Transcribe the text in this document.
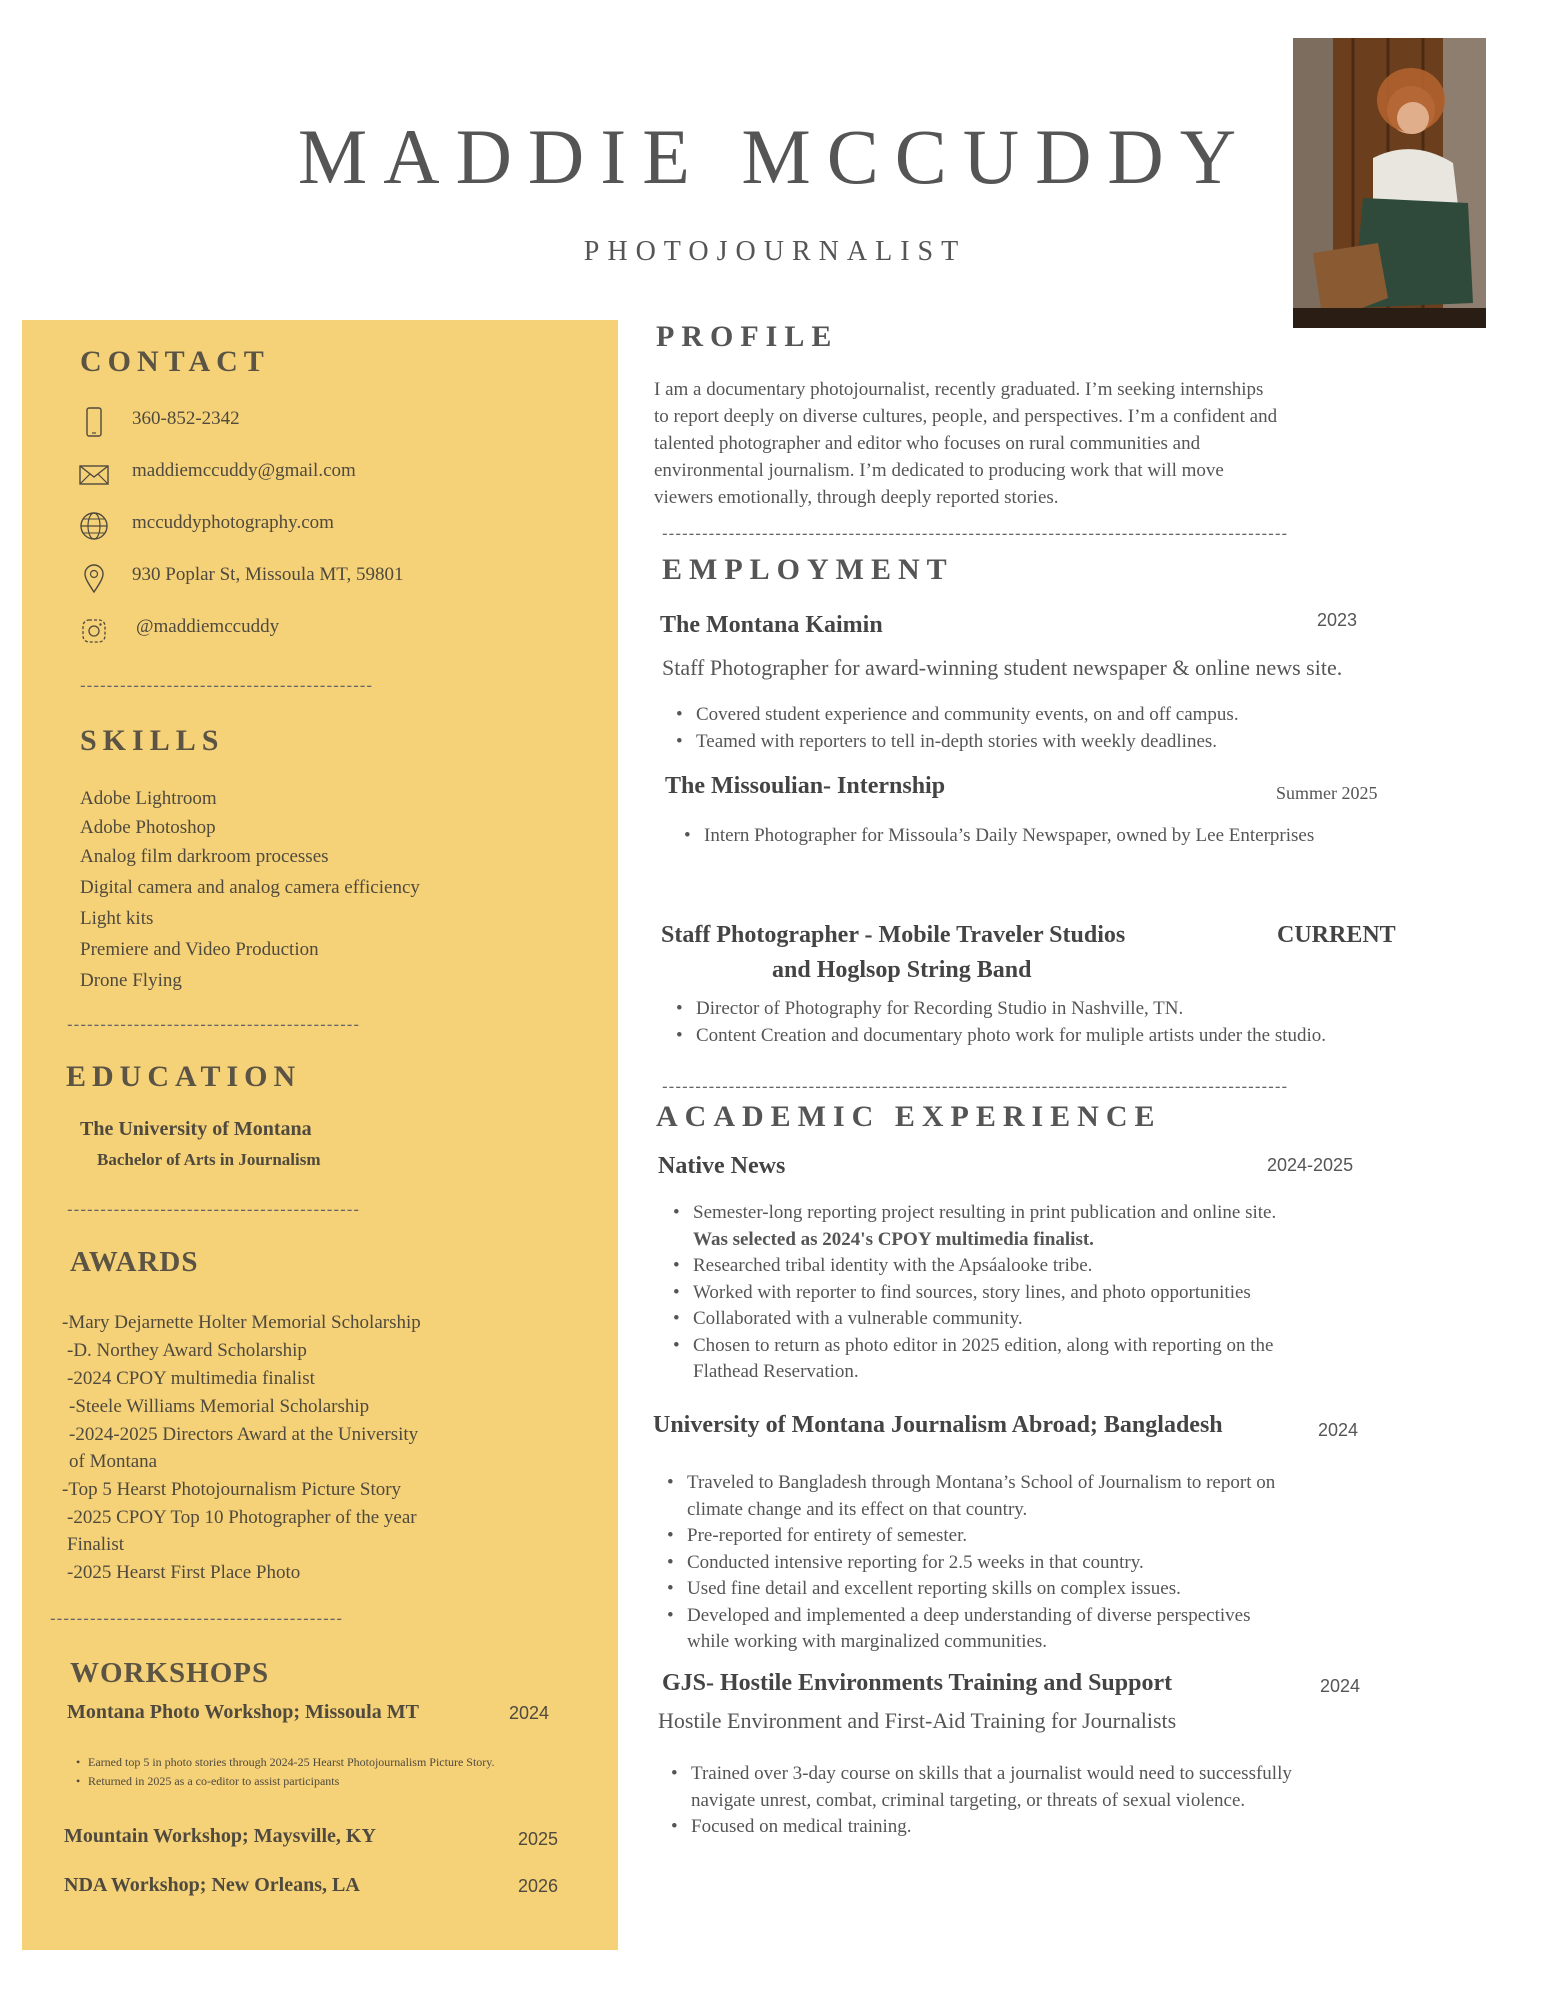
MADDIE MCCUDDY
PHOTOJOURNALIST
CONTACT
360-852-2342
maddiemccuddy@gmail.com
mccuddyphotography.com
930 Poplar St, Missoula MT, 59801
@maddiemccuddy
--------------------------------------------
SKILLS
Adobe Lightroom
Adobe Photoshop
Analog film darkroom processes
Digital camera and analog camera efficiency
Light kits
Premiere and Video Production
Drone Flying
--------------------------------------------
EDUCATION
The University of Montana
Bachelor of Arts in Journalism
--------------------------------------------
AWARDS
-Mary Dejarnette Holter Memorial Scholarship
-D. Northey Award Scholarship
-2024 CPOY multimedia finalist
-Steele Williams Memorial Scholarship
-2024-2025 Directors Award at the University
of Montana
-Top 5 Hearst Photojournalism Picture Story
-2025 CPOY Top 10 Photographer of the year
Finalist
-2025 Hearst First Place Photo
--------------------------------------------
WORKSHOPS
Montana Photo Workshop; Missoula MT	2024
• Earned top 5 in photo stories through 2024-25 Hearst Photojournalism Picture Story.
• Returned in 2025 as a co-editor to assist participants
Mountain Workshop; Maysville, KY	2025
NDA Workshop; New Orleans, LA	2026
PROFILE
I am a documentary photojournalist, recently graduated. I’m seeking internships
to report deeply on diverse cultures, people, and perspectives. I’m a confident and
talented photographer and editor who focuses on rural communities and
environmental journalism. I’m dedicated to producing work that will move
viewers emotionally, through deeply reported stories.
----------------------------------------------------------------------------------------------
EMPLOYMENT
The Montana Kaimin	2023
Staff Photographer for award-winning student newspaper & online news site.
• Covered student experience and community events, on and off campus.
• Teamed with reporters to tell in-depth stories with weekly deadlines.
The Missoulian- Internship	Summer 2025
• Intern Photographer for Missoula’s Daily Newspaper, owned by Lee Enterprises
Staff Photographer - Mobile Traveler Studios
and Hoglsop String Band
CURRENT
• Director of Photography for Recording Studio in Nashville, TN.
• Content Creation and documentary photo work for muliple artists under the studio.
----------------------------------------------------------------------------------------------
ACADEMIC EXPERIENCE
Native News	2024-2025
• Semester-long reporting project resulting in print publication and online site.
Was selected as 2024's CPOY multimedia finalist.
• Researched tribal identity with the Apsáalooke tribe.
• Worked with reporter to find sources, story lines, and photo opportunities
• Collaborated with a vulnerable community.
• Chosen to return as photo editor in 2025 edition, along with reporting on the
Flathead Reservation.
University of Montana Journalism Abroad; Bangladesh	2024
• Traveled to Bangladesh through Montana’s School of Journalism to report on
climate change and its effect on that country.
• Pre-reported for entirety of semester.
• Conducted intensive reporting for 2.5 weeks in that country.
• Used fine detail and excellent reporting skills on complex issues.
• Developed and implemented a deep understanding of diverse perspectives
while working with marginalized communities.
GJS- Hostile Environments Training and Support	2024
Hostile Environment and First-Aid Training for Journalists
• Trained over 3-day course on skills that a journalist would need to successfully
navigate unrest, combat, criminal targeting, or threats of sexual violence.
• Focused on medical training.
